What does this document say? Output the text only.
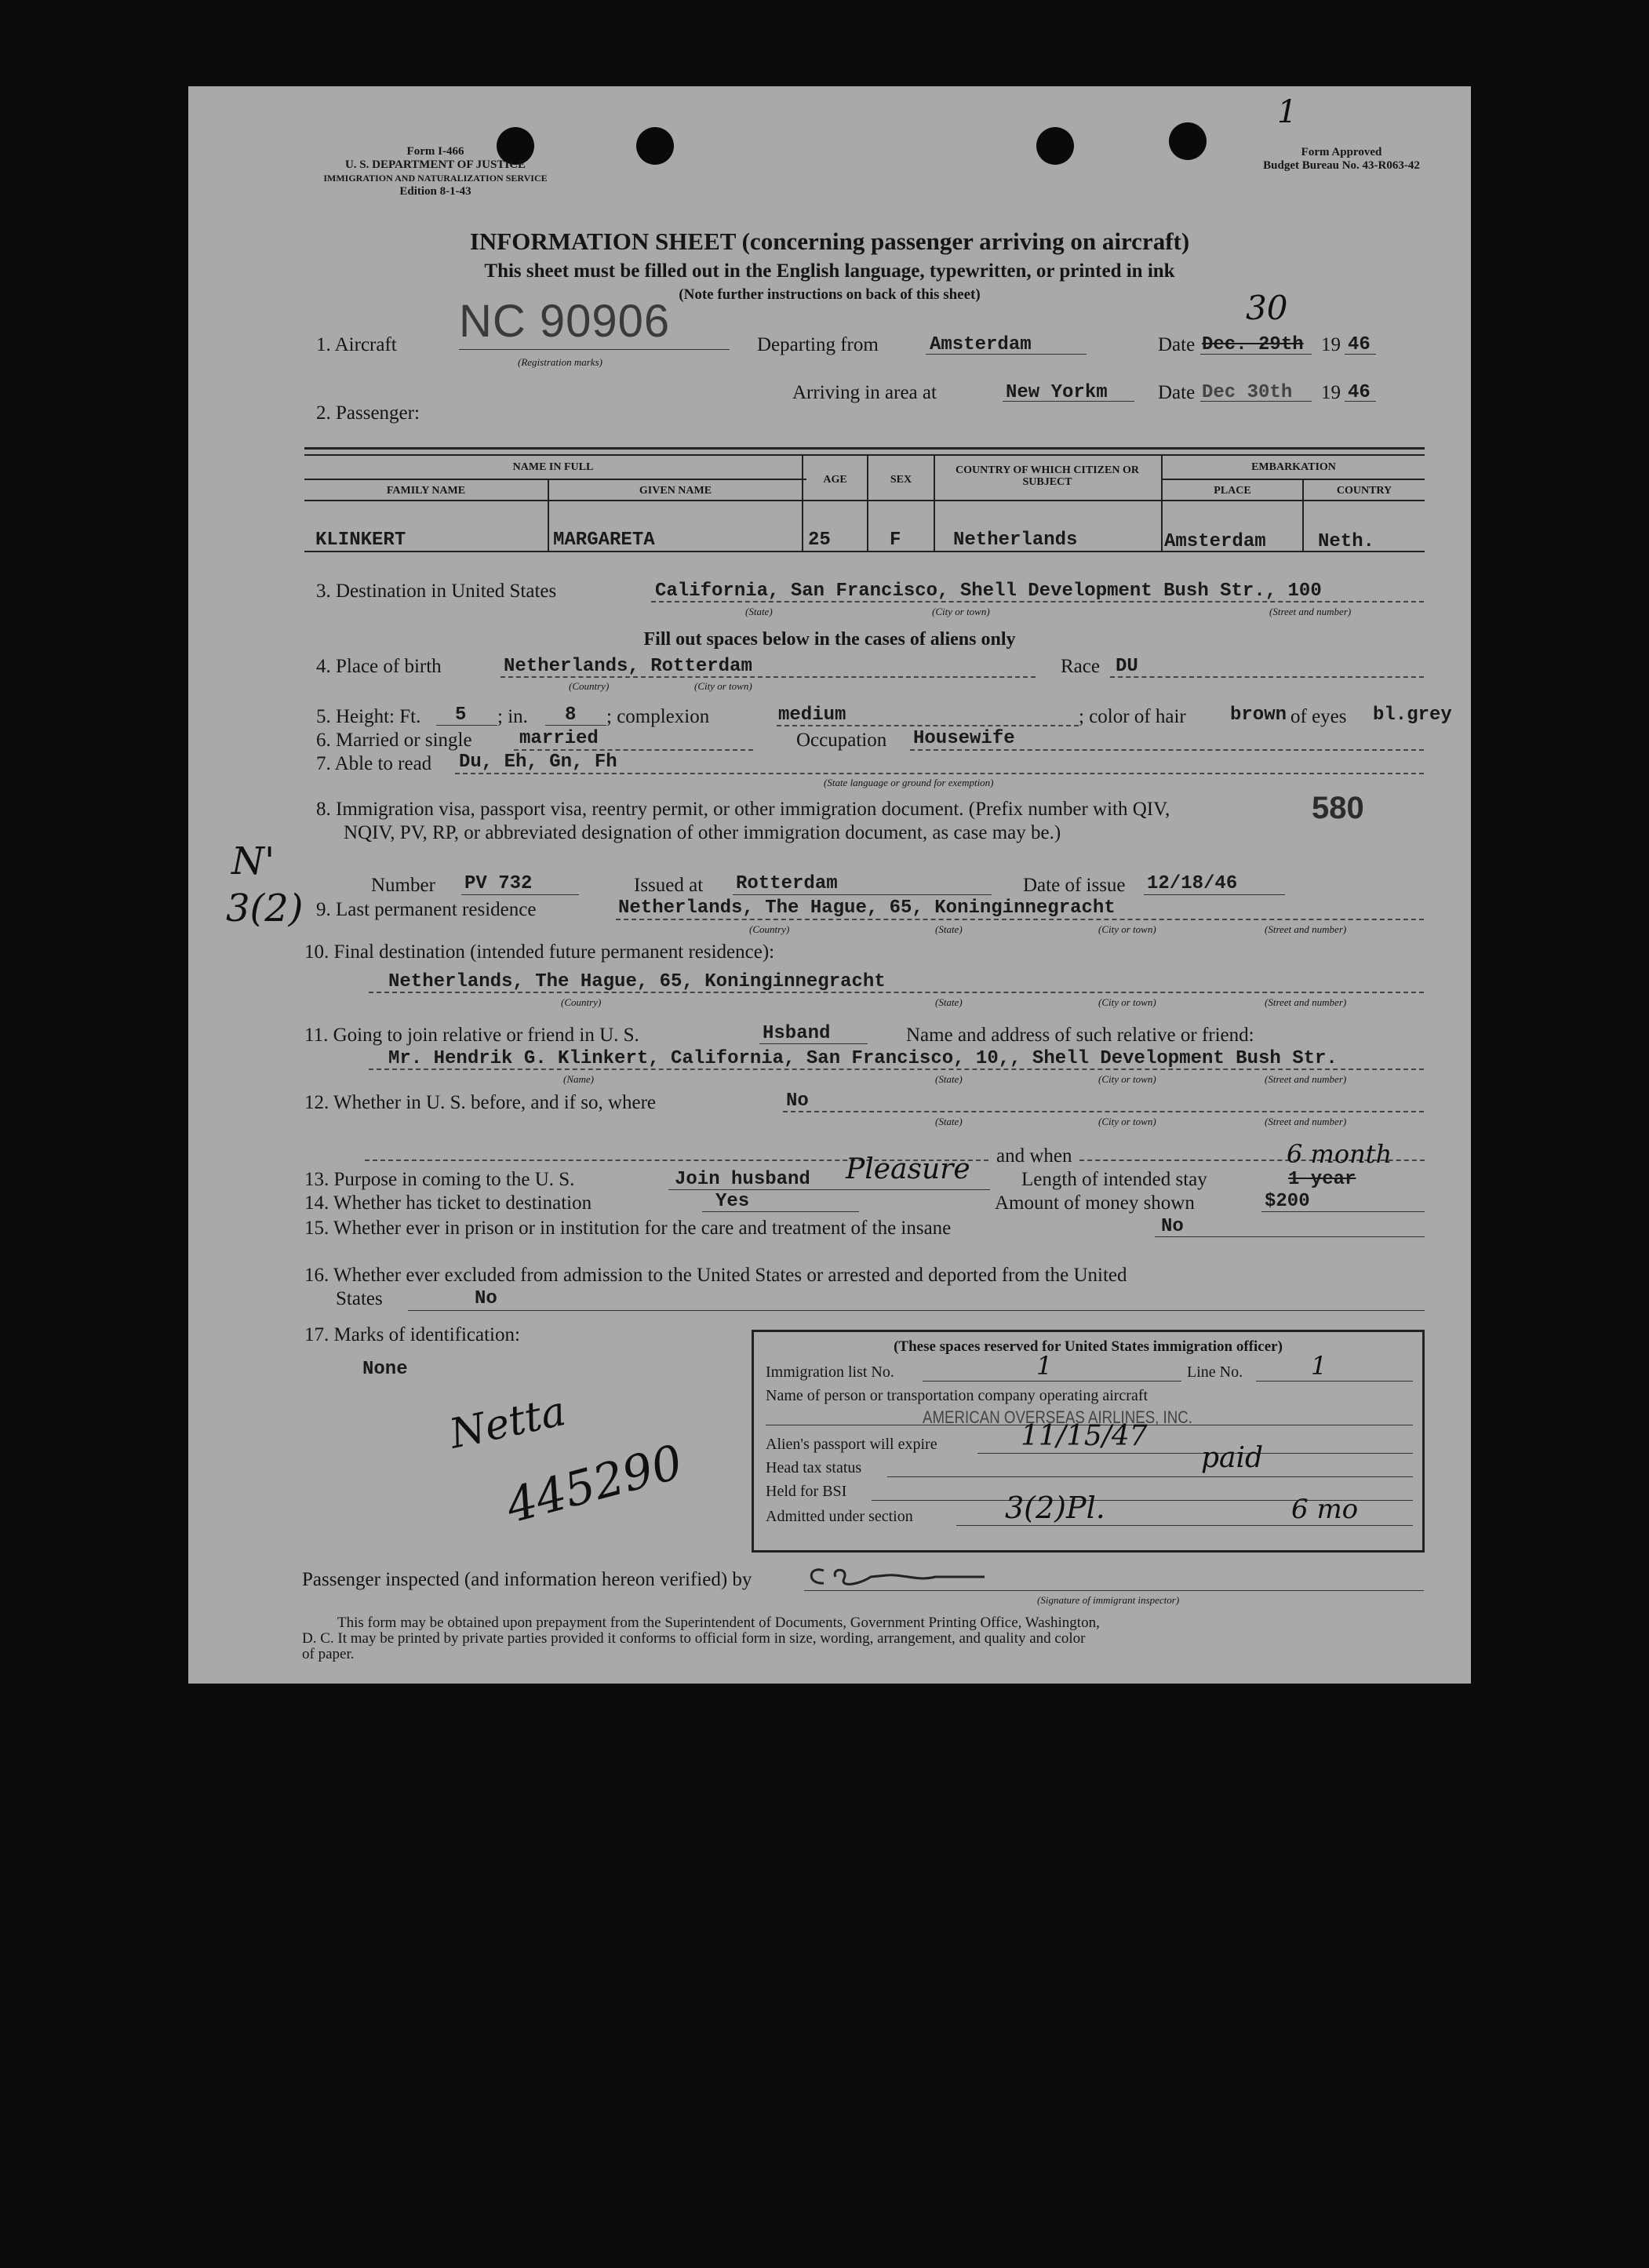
Form I-466
U. S. DEPARTMENT OF JUSTICE
IMMIGRATION AND NATURALIZATION SERVICE
Edition 8-1-43
1
Form Approved
Budget Bureau No. 43-R063-42
INFORMATION SHEET (concerning passenger arriving on aircraft)
This sheet must be filled out in the English language, typewritten, or printed in ink
(Note further instructions on back of this sheet)
1. Aircraft NC 90906
(Registration marks)
Departing from	Amsterdam	Date Dec. 29th
30
19 46
Arriving in area at	New Yorkm	Date Dec 30th 19 46
2. Passenger:
NAME IN FULL
FAMILY NAME	GIVEN NAME
AGE	SEX
COUNTRY OF WHICH CITIZEN OR SUBJECT
EMBARKATION
PLACE	COUNTRY
KLINKERT	MARGARETA	25	F	Netherlands	Amsterdam	Neth.
3. Destination in United States	California, San Francisco, Shell Development Bush Str., 100
(State)	(City or town)	(Street and number)
Fill out spaces below in the cases of aliens only
4. Place of birth	Netherlands, Rotterdam
(Country)	(City or town)
Race DU
5. Height: Ft. 5 ; in. 8 ; complexion	medium	; color of hair brown of eyes bl.grey
6. Married or single	married	Occupation Housewife
7. Able to read Du, Eh, Gn, Fh
(State language or ground for exemption)
8. Immigration visa, passport visa, reentry permit, or other immigration document. (Prefix number with QIV,
NQIV, PV, RP, or abbreviated designation of other immigration document, as case may be.)
580
N'
3(2)
Number PV 732	Issued at Rotterdam	Date of issue 12/18/46
9. Last permanent residence	Netherlands, The Hague, 65, Koninginnegracht
(Country)	(State)	(City or town)	(Street and number)
10. Final destination (intended future permanent residence):
Netherlands, The Hague, 65, Koninginnegracht
(Country)	(State)	(City or town)	(Street and number)
11. Going to join relative or friend in U. S.	Hsband	Name and address of such relative or friend:
Mr. Hendrik G. Klinkert, California, San Francisco, 10,, Shell Development Bush Str.
(Name)	(State)	(City or town)	(Street and number)
12. Whether in U. S. before, and if so, where	No
(State)	(City or town)	(Street and number)
and when
13. Purpose in coming to the U. S.	Join husband Pleasure	Length of intended stay	1 year
6 month
14. Whether has ticket to destination	Yes	Amount of money shown	$200
15. Whether ever in prison or in institution for the care and treatment of the insane	No
16. Whether ever excluded from admission to the United States or arrested and deported from the United
States	No
17. Marks of identification:
None
Netta
445290
(These spaces reserved for United States immigration officer)
Immigration list No.	1	Line No.	1
Name of person or transportation company operating aircraft
AMERICAN OVERSEAS AIRLINES, INC.
Alien's passport will expire	11/15/47
Head tax status	paid
Held for BSI
Admitted under section	3(2)Pl.	6 mo
Passenger inspected (and information hereon verified) by
(Signature of immigrant inspector)
This form may be obtained upon prepayment from the Superintendent of Documents, Government Printing Office, Washington,
D. C. It may be printed by private parties provided it conforms to official form in size, wording, arrangement, and quality and color
of paper.
